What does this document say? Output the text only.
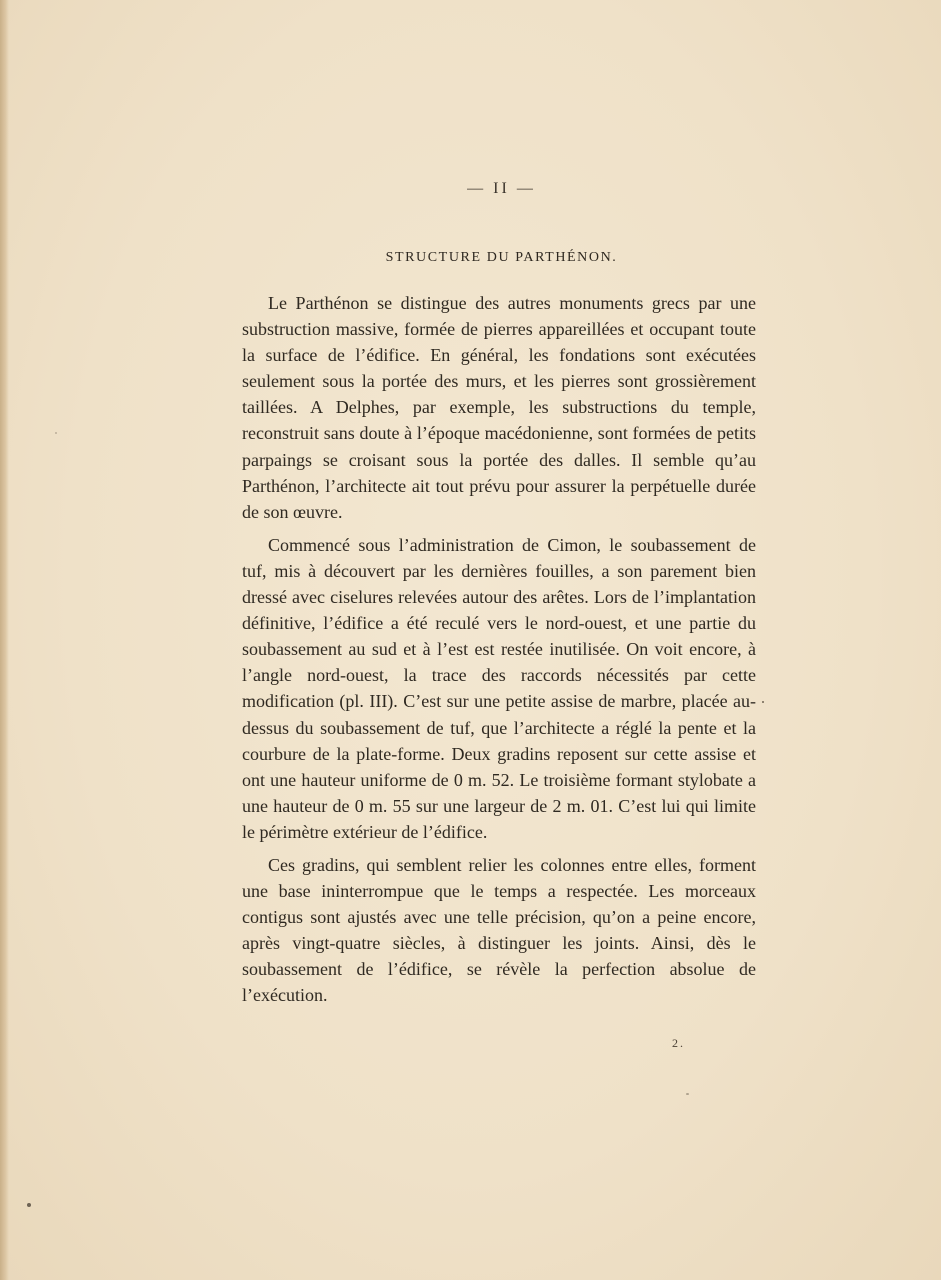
— II —
STRUCTURE DU PARTHÉNON.

Le Parthénon se distingue des autres monuments grecs par une substruction massive, formée de pierres appareillées et occupant toute la surface de l’édifice. En général, les fondations sont exécutées seulement sous la portée des murs, et les pierres sont grossièrement taillées. A Delphes, par exemple, les substructions du temple, reconstruit sans doute à l’époque macédonienne, sont formées de petits parpaings se croisant sous la portée des dalles. Il semble qu’au Parthénon, l’architecte ait tout prévu pour assurer la perpétuelle durée de son œuvre.

Commencé sous l’administration de Cimon, le soubassement de tuf, mis à découvert par les dernières fouilles, a son parement bien dressé avec ciselures relevées autour des arêtes. Lors de l’implantation définitive, l’édifice a été reculé vers le nord-ouest, et une partie du soubassement au sud et à l’est est restée inutilisée. On voit encore, à l’angle nord-ouest, la trace des raccords nécessités par cette modification (pl. III). C’est sur une petite assise de marbre, placée au-dessus du soubassement de tuf, que l’architecte a réglé la pente et la courbure de la plate-forme. Deux gradins reposent sur cette assise et ont une hauteur uniforme de 0 m. 52. Le troisième formant stylobate a une hauteur de 0 m. 55 sur une largeur de 2 m. 01. C’est lui qui limite le périmètre extérieur de l’édifice.

Ces gradins, qui semblent relier les colonnes entre elles, forment une base ininterrompue que le temps a respectée. Les morceaux contigus sont ajustés avec une telle précision, qu’on a peine encore, après vingt-quatre siècles, à distinguer les joints. Ainsi, dès le soubassement de l’édifice, se révèle la perfection absolue de l’exécution.

2.
